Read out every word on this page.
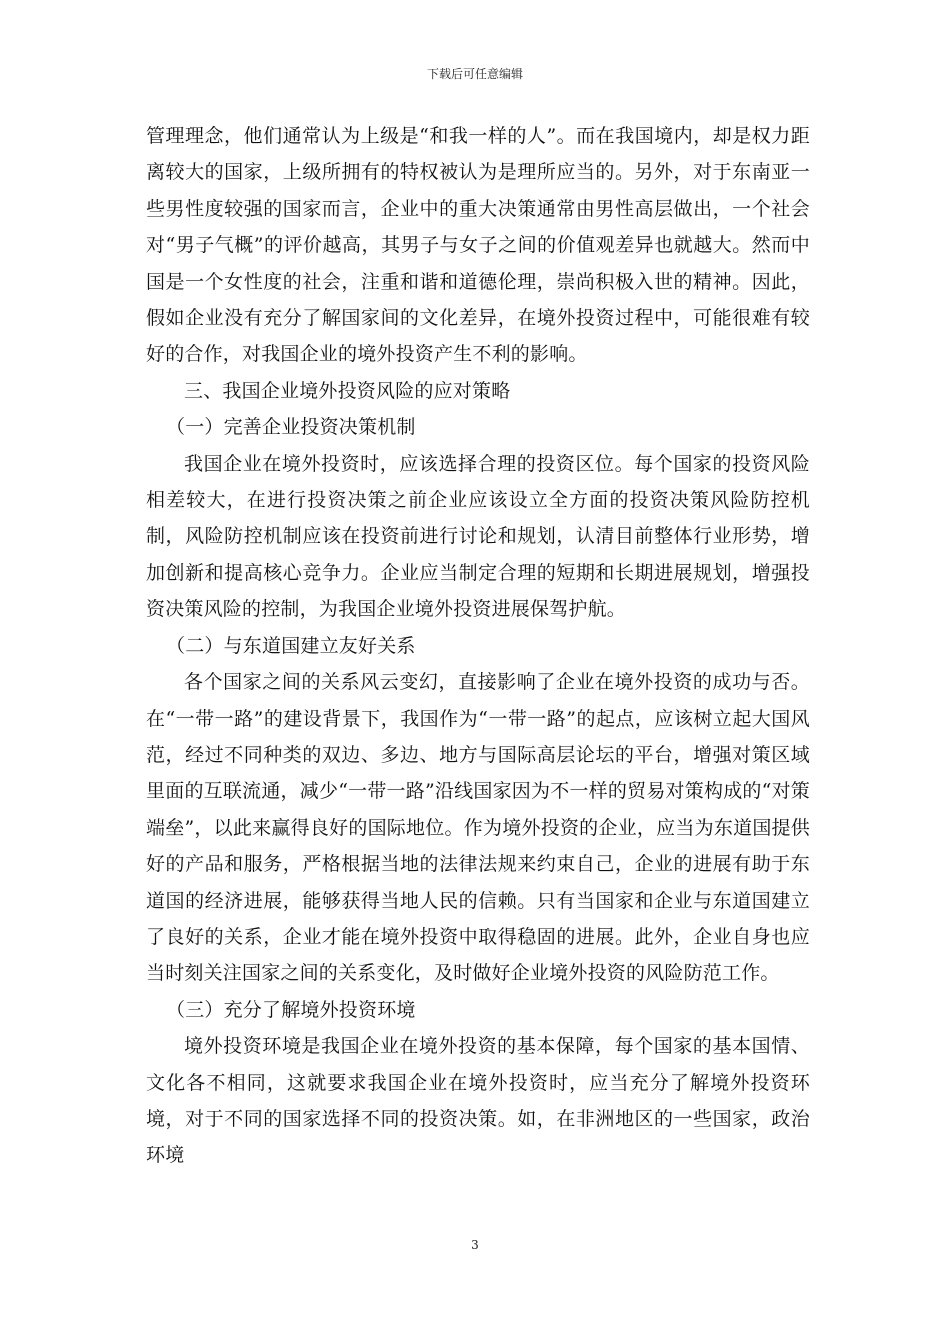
下载后可任意编辑

管理理念，他们通常认为上级是“和我一样的人”。而在我国境内，却是权力距离较大的国家，上级所拥有的特权被认为是理所应当的。另外，对于东南亚一些男性度较强的国家而言，企业中的重大决策通常由男性高层做出，一个社会对“男子气概”的评价越高，其男子与女子之间的价值观差异也就越大。然而中国是一个女性度的社会，注重和谐和道德伦理，崇尚积极入世的精神。因此，假如企业没有充分了解国家间的文化差异，在境外投资过程中，可能很难有较好的合作，对我国企业的境外投资产生不利的影响。

三、我国企业境外投资风险的应对策略

（一）完善企业投资决策机制

我国企业在境外投资时，应该选择合理的投资区位。每个国家的投资风险相差较大，在进行投资决策之前企业应该设立全方面的投资决策风险防控机制，风险防控机制应该在投资前进行讨论和规划，认清目前整体行业形势，增加创新和提高核心竞争力。企业应当制定合理的短期和长期进展规划，增强投资决策风险的控制，为我国企业境外投资进展保驾护航。

（二）与东道国建立友好关系

各个国家之间的关系风云变幻，直接影响了企业在境外投资的成功与否。在“一带一路”的建设背景下，我国作为“一带一路”的起点，应该树立起大国风范，经过不同种类的双边、多边、地方与国际高层论坛的平台，增强对策区域里面的互联流通，减少“一带一路”沿线国家因为不一样的贸易对策构成的“对策端垒”，以此来赢得良好的国际地位。作为境外投资的企业，应当为东道国提供好的产品和服务，严格根据当地的法律法规来约束自己，企业的进展有助于东道国的经济进展，能够获得当地人民的信赖。只有当国家和企业与东道国建立了良好的关系，企业才能在境外投资中取得稳固的进展。此外，企业自身也应当时刻关注国家之间的关系变化，及时做好企业境外投资的风险防范工作。

（三）充分了解境外投资环境

境外投资环境是我国企业在境外投资的基本保障，每个国家的基本国情、文化各不相同，这就要求我国企业在境外投资时，应当充分了解境外投资环境，对于不同的国家选择不同的投资决策。如，在非洲地区的一些国家，政治环境

3
